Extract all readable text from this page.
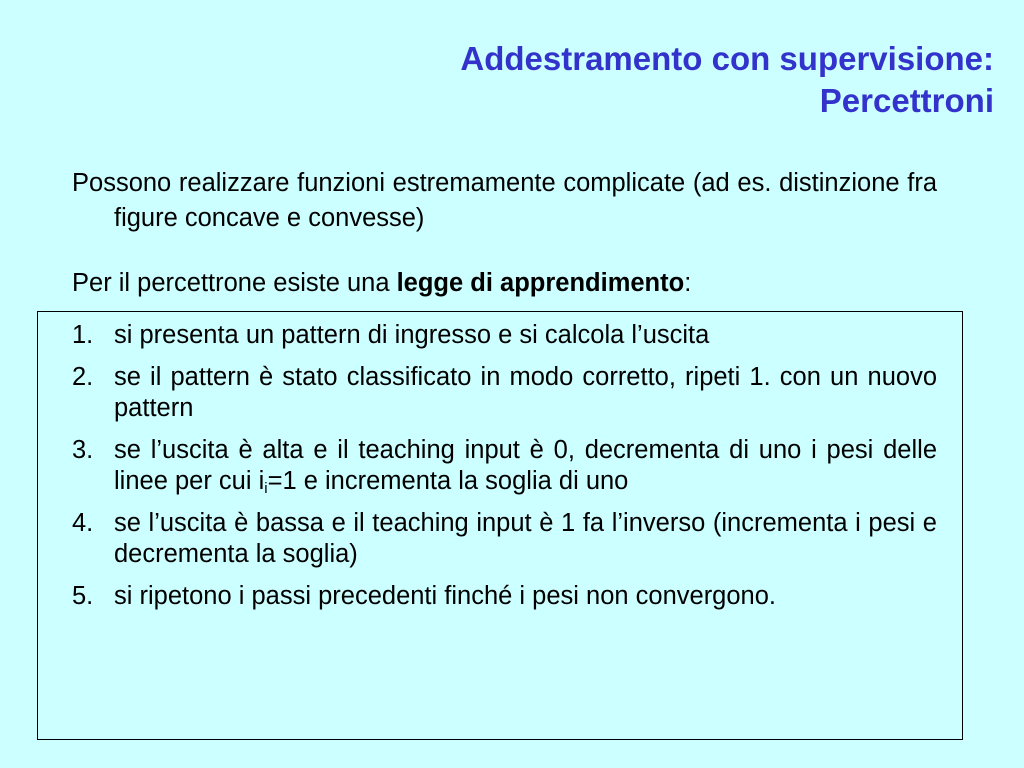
Addestramento con supervisione:
Percettroni
Possono realizzare funzioni estremamente complicate (ad es. distinzione fra figure concave e convesse)
Per il percettrone esiste una legge di apprendimento:
1. si presenta un pattern di ingresso e si calcola l’uscita
2. se il pattern è stato classificato in modo corretto, ripeti 1. con un nuovo pattern
3. se l’uscita è alta e il teaching input è 0, decrementa di uno i pesi delle linee per cui $i_i=1$ e incrementa la soglia di uno
4. se l’uscita è bassa e il teaching input è 1 fa l’inverso (incrementa i pesi e decrementa la soglia)
5. si ripetono i passi precedenti finché i pesi non convergono.
